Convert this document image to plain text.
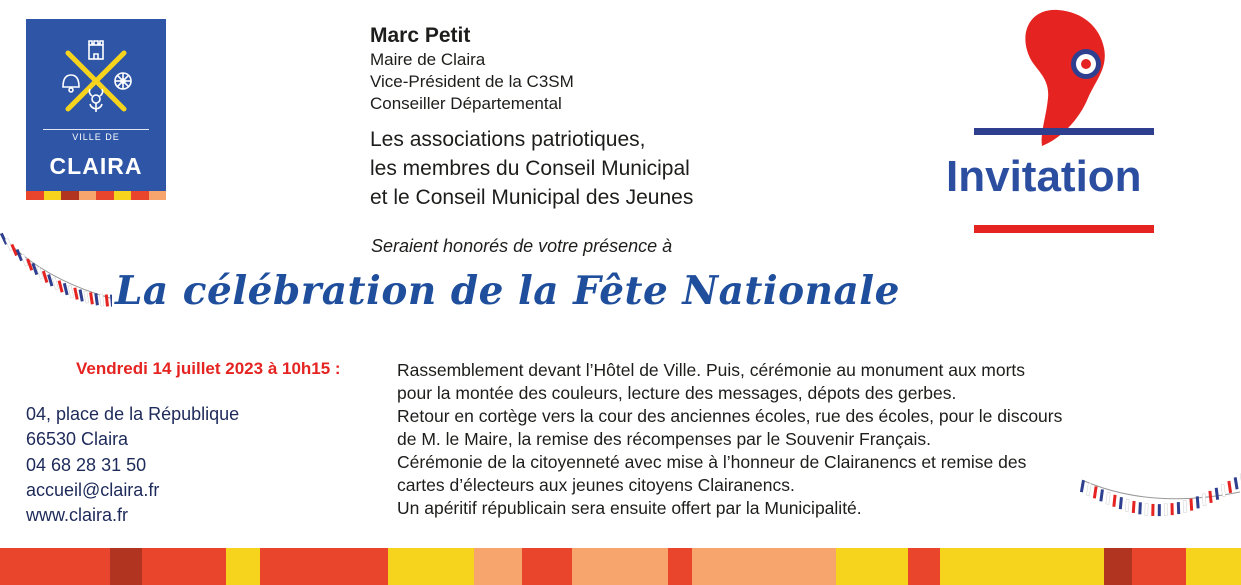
VILLE DE
CLAIRA
Marc Petit
Maire de Claira
Vice-Président de la C3SM
Conseiller Départemental
Les associations patriotiques,
les membres du Conseil Municipal
et le Conseil Municipal des Jeunes
Seraient honorés de votre présence à
La célébration de la Fête Nationale
Invitation
Vendredi 14 juillet 2023 à 10h15 :	Rassemblement devant l’Hôtel de Ville. Puis, cérémonie au monument aux morts
pour la montée des couleurs, lecture des messages, dépots des gerbes.
Retour en cortège vers la cour des anciennes écoles, rue des écoles, pour le discours
de M. le Maire, la remise des récompenses par le Souvenir Français.
Cérémonie de la citoyenneté avec mise à l’honneur de Clairanencs et remise des
cartes d’électeurs aux jeunes citoyens Clairanencs.
Un apéritif républicain sera ensuite offert par la Municipalité.
04, place de la République
66530 Claira
04 68 28 31 50
accueil@claira.fr
www.claira.fr
